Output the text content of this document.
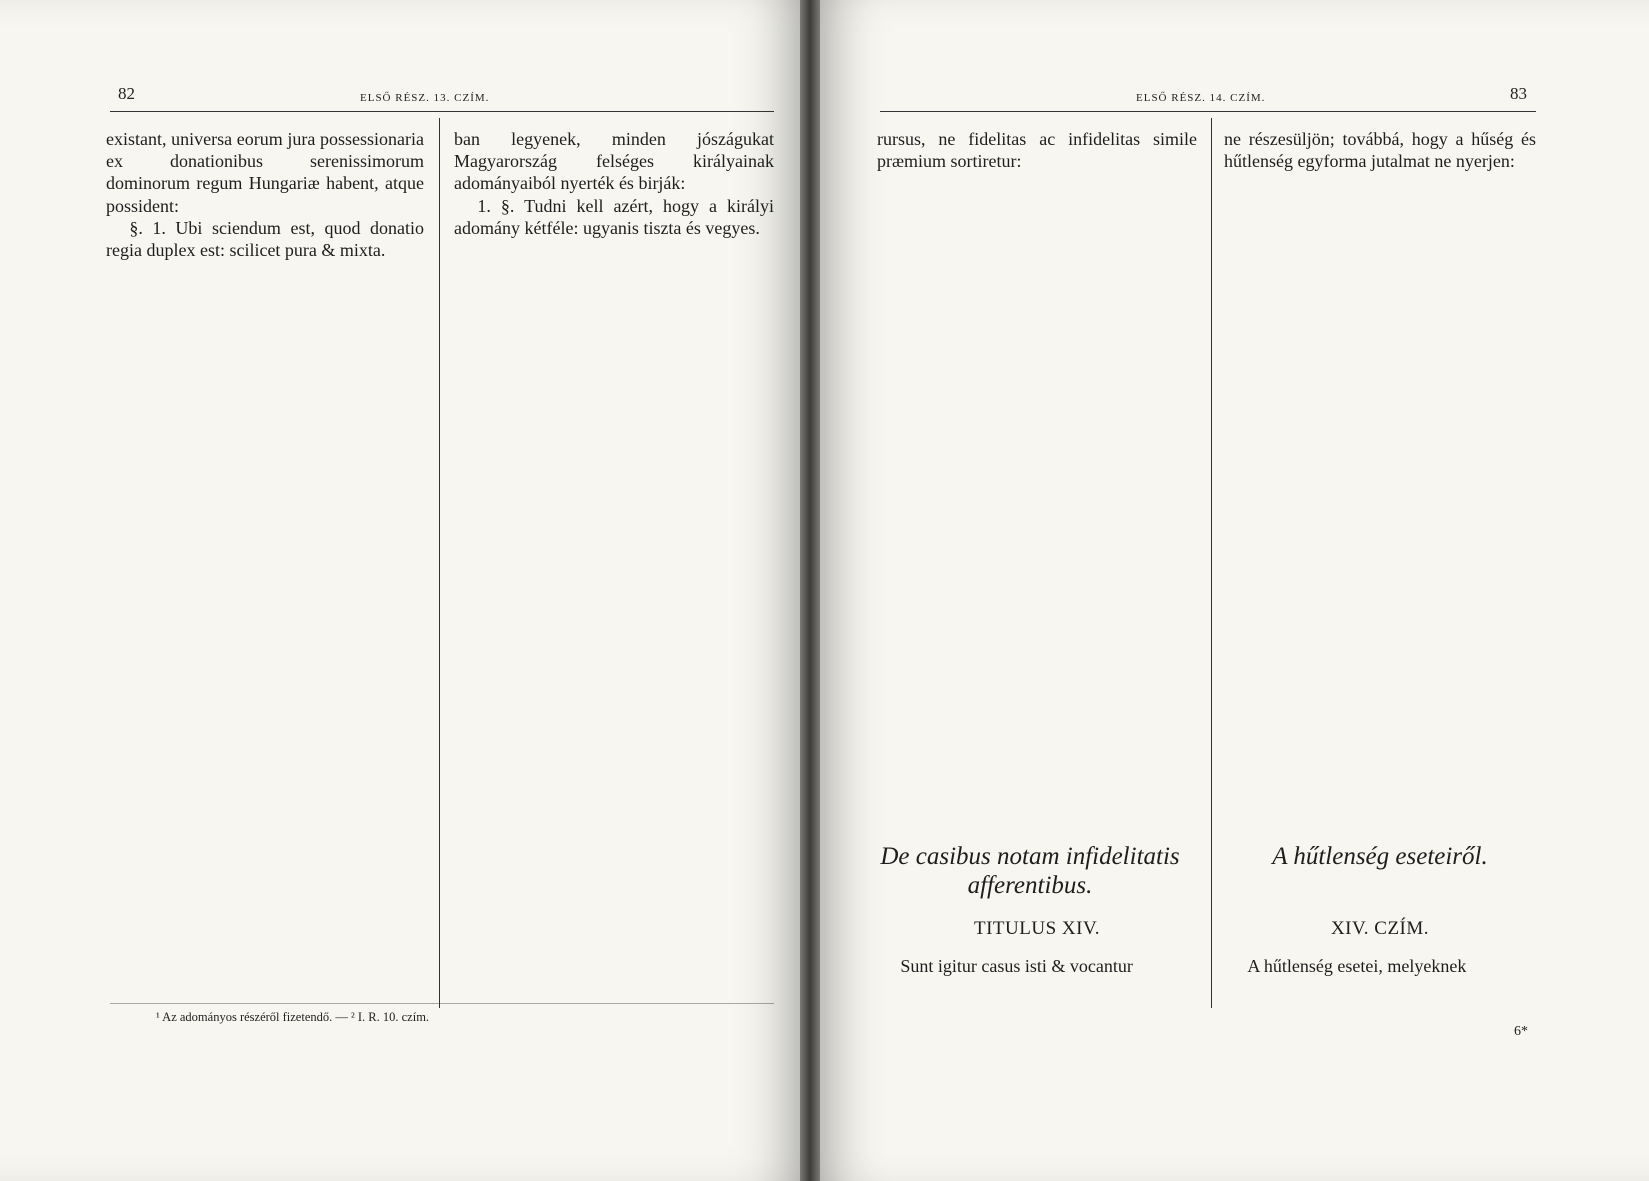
82	ELSŐ RÉSZ. 13. CZÍM.

existant, universa eorum jura possessionaria ex donationibus serenissimorum dominorum regum Hungariæ habent, atque possident:

§. 1. Ubi sciendum est, quod donatio regia duplex est: scilicet pura & mixta.

ban legyenek, minden jószágukat Magyarország felséges királyainak adományaiból nyerték és birják:

1. §. Tudni kell azért, hogy a királyi adomány kétféle: ugyanis tiszta és vegyes.

¹ Az adományos részéről fizetendő. — ² I. R. 10. czím.
ELSŐ RÉSZ. 14. CZÍM.	83

rursus, ne fidelitas ac infidelitas simile præmium sortiretur:

ne részesüljön; továbbá, hogy a hűség és hűtlenség egyforma jutalmat ne nyerjen:

De casibus notam infidelitatis afferentibus.
TITULUS XIV.
A hűtlenség eseteiről.
XIV. CZÍM.

Sunt igitur casus isti & vocantur	A hűtlenség esetei, melyeknek

6*
